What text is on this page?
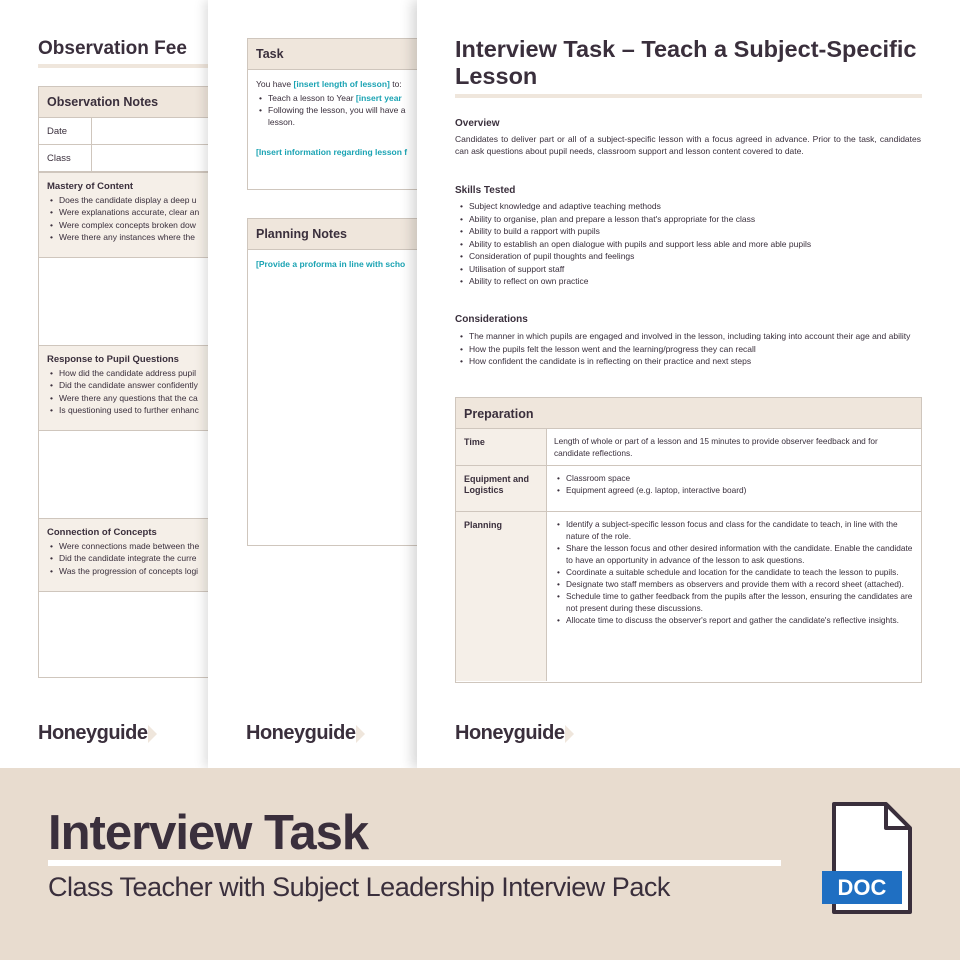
Observation Fee
Observation Notes
Date
Class
Mastery of Content
• Does the candidate display a deep u
• Were explanations accurate, clear an
• Were complex concepts broken dow
• Were there any instances where the
Response to Pupil Questions
• How did the candidate address pupil
• Did the candidate answer confidently
• Were there any questions that the ca
• Is questioning used to further enhanc
Connection of Concepts
• Were connections made between the
• Did the candidate integrate the curre
• Was the progression of concepts logi
Honeyguide
Task
You have [insert length of lesson] to:
• Teach a lesson to Year [insert year
• Following the lesson, you will have a
lesson.
[Insert information regarding lesson f
Planning Notes
[Provide a proforma in line with scho
Honeyguide
Interview Task – Teach a Subject-Specific Lesson
Overview
Candidates to deliver part or all of a subject-specific lesson with a focus agreed in advance. Prior to the task, candidates can ask questions about pupil needs, classroom support and lesson content covered to date.
Skills Tested
• Subject knowledge and adaptive teaching methods
• Ability to organise, plan and prepare a lesson that's appropriate for the class
• Ability to build a rapport with pupils
• Ability to establish an open dialogue with pupils and support less able and more able pupils
• Consideration of pupil thoughts and feelings
• Utilisation of support staff
• Ability to reflect on own practice
Considerations
• The manner in which pupils are engaged and involved in the lesson, including taking into account their age and ability
• How the pupils felt the lesson went and the learning/progress they can recall
• How confident the candidate is in reflecting on their practice and next steps
Preparation
Time	Length of whole or part of a lesson and 15 minutes to provide observer feedback and for candidate reflections.
Equipment and Logistics
• Classroom space
• Equipment agreed (e.g. laptop, interactive board)
Planning
•	Identify a subject-specific lesson focus and class for the candidate to teach, in line with the nature of the role.
• Share the lesson focus and other desired information with the candidate. Enable the candidate to have an opportunity in advance of the lesson to ask questions.
• Coordinate a suitable schedule and location for the candidate to teach the lesson to pupils.
• Designate two staff members as observers and provide them with a record sheet (attached).
• Schedule time to gather feedback from the pupils after the lesson, ensuring the candidates are not present during these discussions.
• Allocate time to discuss the observer's report and gather the candidate's reflective insights.
Honeyguide
Interview Task
Class Teacher with Subject Leadership Interview Pack	DOC
